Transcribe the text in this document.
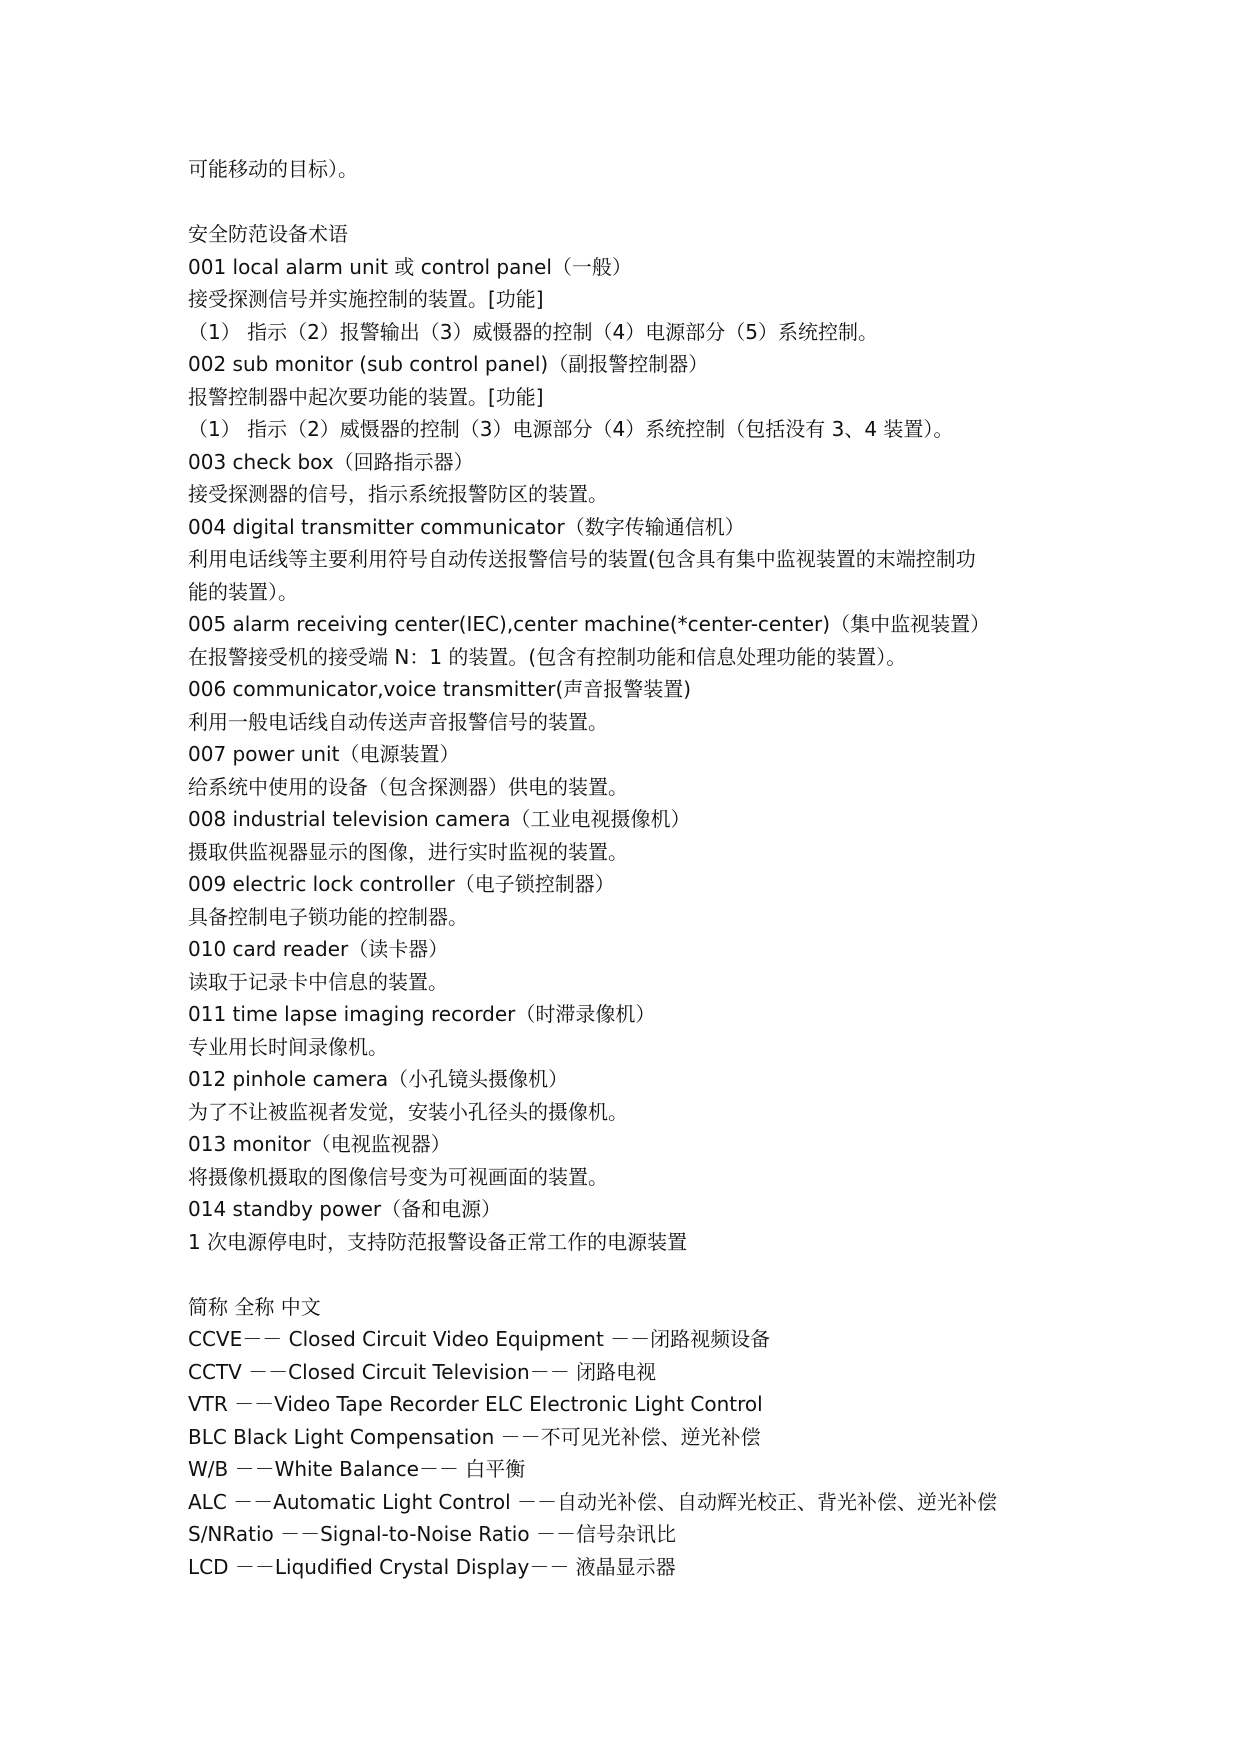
可能移动的目标）。
安全防范设备术语
001 local alarm unit 或 control panel（一般）
接受探测信号并实施控制的装置。[功能]
（1） 指示（2）报警输出（3）威慑器的控制（4）电源部分（5）系统控制。
002 sub monitor (sub control panel)（副报警控制器）
报警控制器中起次要功能的装置。[功能]
（1） 指示（2）威慑器的控制（3）电源部分（4）系统控制（包括没有 3、4 装置）。
003 check box（回路指示器）
接受探测器的信号，指示系统报警防区的装置。
004 digital transmitter communicator（数字传输通信机）
利用电话线等主要利用符号自动传送报警信号的装置(包含具有集中监视装置的末端控制功
能的装置）。
005 alarm receiving center(IEC),center machine(*center-center)（集中监视装置）
在报警接受机的接受端 N：1 的装置。(包含有控制功能和信息处理功能的装置）。
006 communicator,voice transmitter(声音报警装置)
利用一般电话线自动传送声音报警信号的装置。
007 power unit（电源装置）
给系统中使用的设备（包含探测器）供电的装置。
008 industrial television camera（工业电视摄像机）
摄取供监视器显示的图像，进行实时监视的装置。
009 electric lock controller（电子锁控制器）
具备控制电子锁功能的控制器。
010 card reader（读卡器）
读取于记录卡中信息的装置。
011 time lapse imaging recorder（时滞录像机）
专业用长时间录像机。
012 pinhole camera（小孔镜头摄像机）
为了不让被监视者发觉，安装小孔径头的摄像机。
013 monitor（电视监视器）
将摄像机摄取的图像信号变为可视画面的装置。
014 standby power（备和电源）
1 次电源停电时，支持防范报警设备正常工作的电源装置
简称 全称 中文
CCVE－－ Closed Circuit Video Equipment －－闭路视频设备
CCTV －－Closed Circuit Television－－ 闭路电视
VTR －－Video Tape Recorder ELC Electronic Light Control
BLC Black Light Compensation －－不可见光补偿、逆光补偿
W/B －－White Balance－－ 白平衡
ALC －－Automatic Light Control －－自动光补偿、自动辉光校正、背光补偿、逆光补偿
S/NRatio －－Signal-to-Noise Ratio －－信号杂讯比
LCD －－Liqudified Crystal Display－－ 液晶显示器
